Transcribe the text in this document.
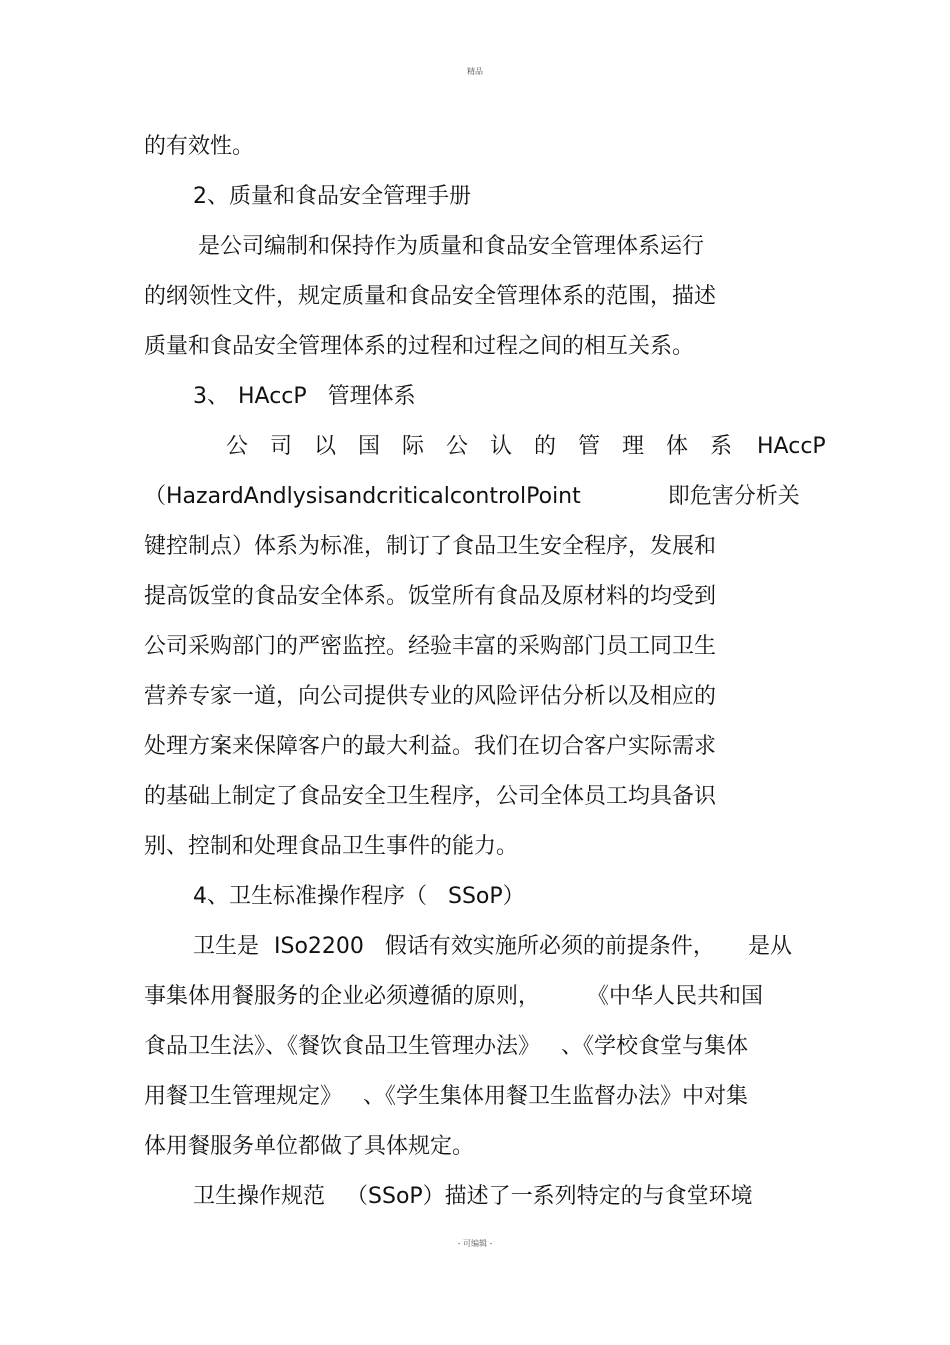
精品
的有效性。
2、质量和食品安全管理手册
是公司编制和保持作为质量和食品安全管理体系运行
的纲领性文件，规定质量和食品安全管理体系的范围，描述
质量和食品安全管理体系的过程和过程之间的相互关系。
3、 HAccP 管理体系
公　司　以　国　际　公　认　的　管　理　体　系 HAccP
（HazardAndlysisandcriticalcontrolPoint	即危害分析关
键控制点）体系为标准，制订了食品卫生安全程序，发展和
提高饭堂的食品安全体系。饭堂所有食品及原材料的均受到
公司采购部门的严密监控。经验丰富的采购部门员工同卫生
营养专家一道，向公司提供专业的风险评估分析以及相应的
处理方案来保障客户的最大利益。我们在切合客户实际需求
的基础上制定了食品安全卫生程序，公司全体员工均具备识
别、控制和处理食品卫生事件的能力。
4、卫生标准操作程序（ SSoP）
卫生是 ISo2200 假话有效实施所必须的前提条件， 是从
事集体用餐服务的企业必须遵循的原则， 《中华人民共和国
食品卫生法》、《餐饮食品卫生管理办法》 、《学校食堂与集体
用餐卫生管理规定》 、《学生集体用餐卫生监督办法》中对集
体用餐服务单位都做了具体规定。
卫生操作规范 （SSoP）描述了一系列特定的与食堂环境
- 可编辑 -
